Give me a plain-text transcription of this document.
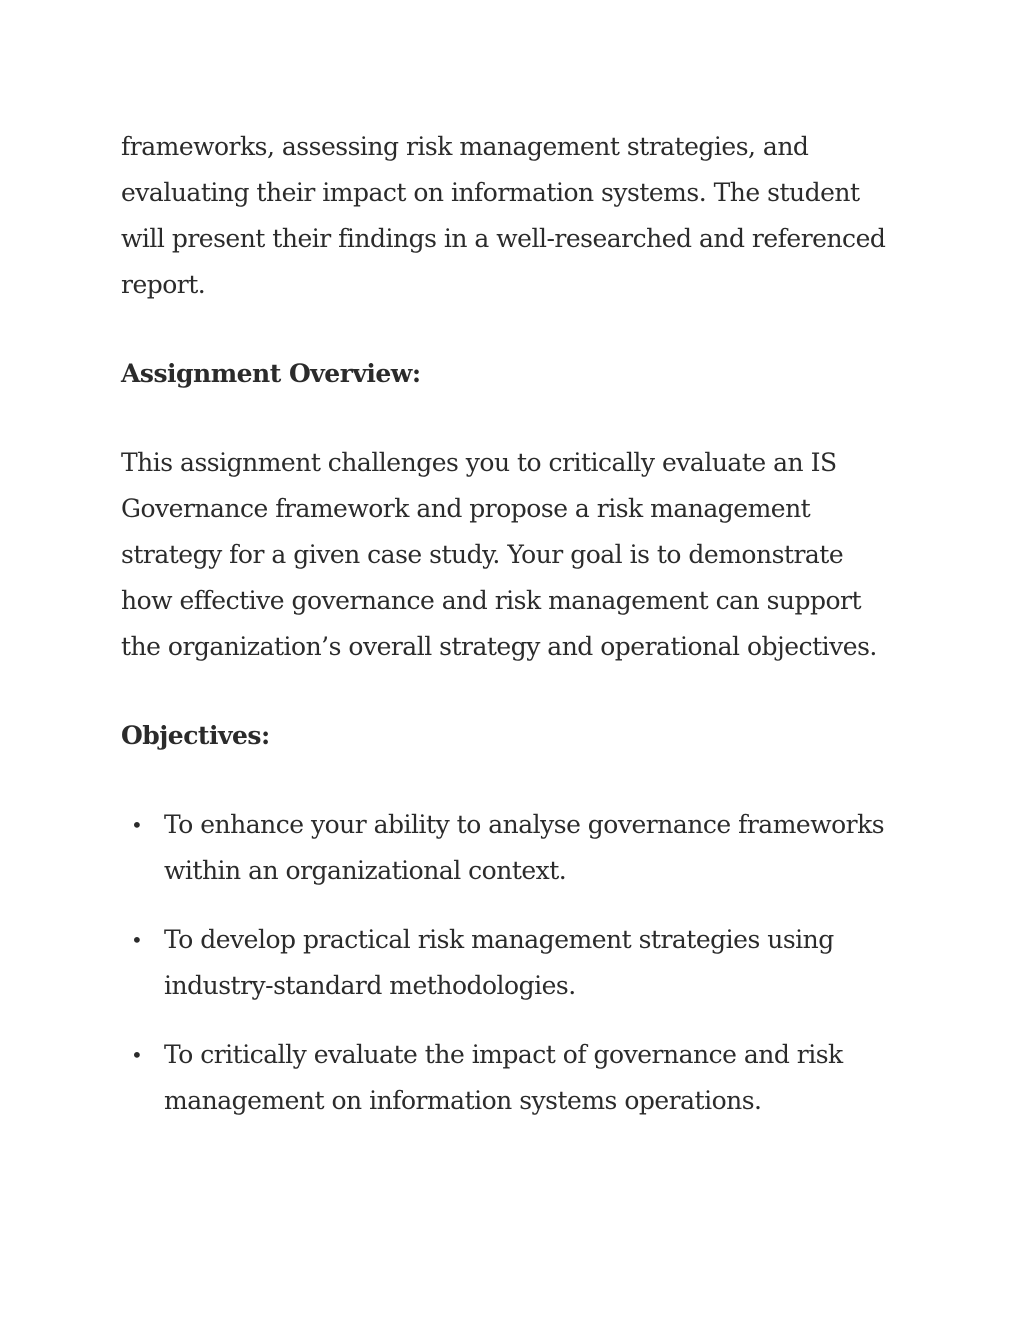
frameworks, assessing risk management strategies, and
evaluating their impact on information systems. The student
will present their findings in a well-researched and referenced
report.

Assignment Overview:

This assignment challenges you to critically evaluate an IS
Governance framework and propose a risk management
strategy for a given case study. Your goal is to demonstrate
how effective governance and risk management can support
the organization’s overall strategy and operational objectives.

Objectives:
• To enhance your ability to analyse governance frameworks
within an organizational context.
• To develop practical risk management strategies using
industry-standard methodologies.
• To critically evaluate the impact of governance and risk
management on information systems operations.
